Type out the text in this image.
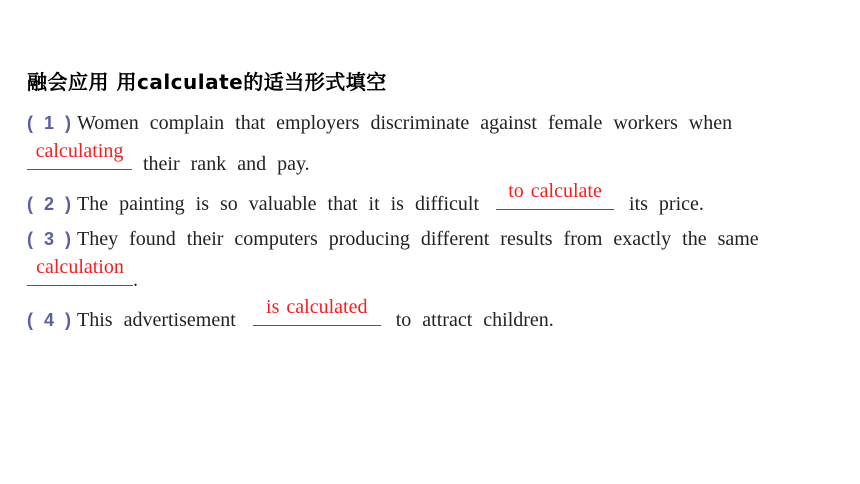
融会应用 用calculate的适当形式填空
( 1 ) Women complain that employers discriminate against female workers when
calculating
their rank and pay.
( 2 ) The painting is so valuable that it is difficult
to calculate
its price.
( 3 ) They found their computers producing different results from exactly the same
calculation
.
( 4 ) This advertisement
is calculated
to attract children.
